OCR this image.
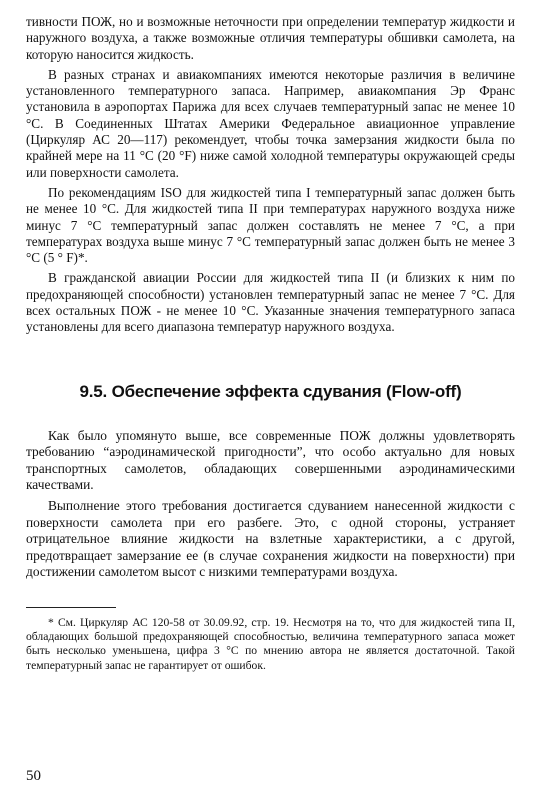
тивности ПОЖ, но и возможные неточности при определении температур жидкости и наружного воздуха, а также возможные отличия температуры обшивки самолета, на которую наносится жидкость.

В разных странах и авиакомпаниях имеются некоторые различия в величине установленного температурного запаса. Например, авиакомпания Эр Франс установила в аэропортах Парижа для всех случаев температурный запас не менее 10 °С. В Соединенных Штатах Америки Федеральное авиационное управление (Циркуляр АС 20—117) рекомендует, чтобы точка замерзания жидкости была по крайней мере на 11 °С (20 °F) ниже самой холодной температуры окружающей среды или поверхности самолета.

По рекомендациям ISO для жидкостей типа I температурный запас должен быть не менее 10 °С. Для жидкостей типа II при температурах наружного воздуха ниже минус 7 °С температурный запас должен составлять не менее 7 °С, а при температурах воздуха выше минус 7 °С температурный запас должен быть не менее 3 °С (5 ° F)*.

В гражданской авиации России для жидкостей типа II (и близких к ним по предохраняющей способности) установлен температурный запас не менее 7 °С. Для всех остальных ПОЖ - не менее 10 °С. Указанные значения температурного запаса установлены для всего диапазона температур наружного воздуха.

9.5. Обеспечение эффекта сдувания (Flow-off)

Как было упомянуто выше, все современные ПОЖ должны удовлетворять требованию “аэродинамической пригодности”, что особо актуально для новых транспортных самолетов, обладающих совершенными аэродинамическими качествами.

Выполнение этого требования достигается сдуванием нанесенной жидкости с поверхности самолета при его разбеге. Это, с одной стороны, устраняет отрицательное влияние жидкости на взлетные характеристики, а с другой, предотвращает замерзание ее (в случае сохранения жидкости на поверхности) при достижении самолетом высот с низкими температурами воздуха.

* См. Циркуляр АС 120-58 от 30.09.92, стр. 19. Несмотря на то, что для жидкостей типа II, обладающих большой предохраняющей способностью, величина температурного запаса может быть несколько уменьшена, цифра 3 °С по мнению автора не является достаточной. Такой температурный запас не гарантирует от ошибок.

50
